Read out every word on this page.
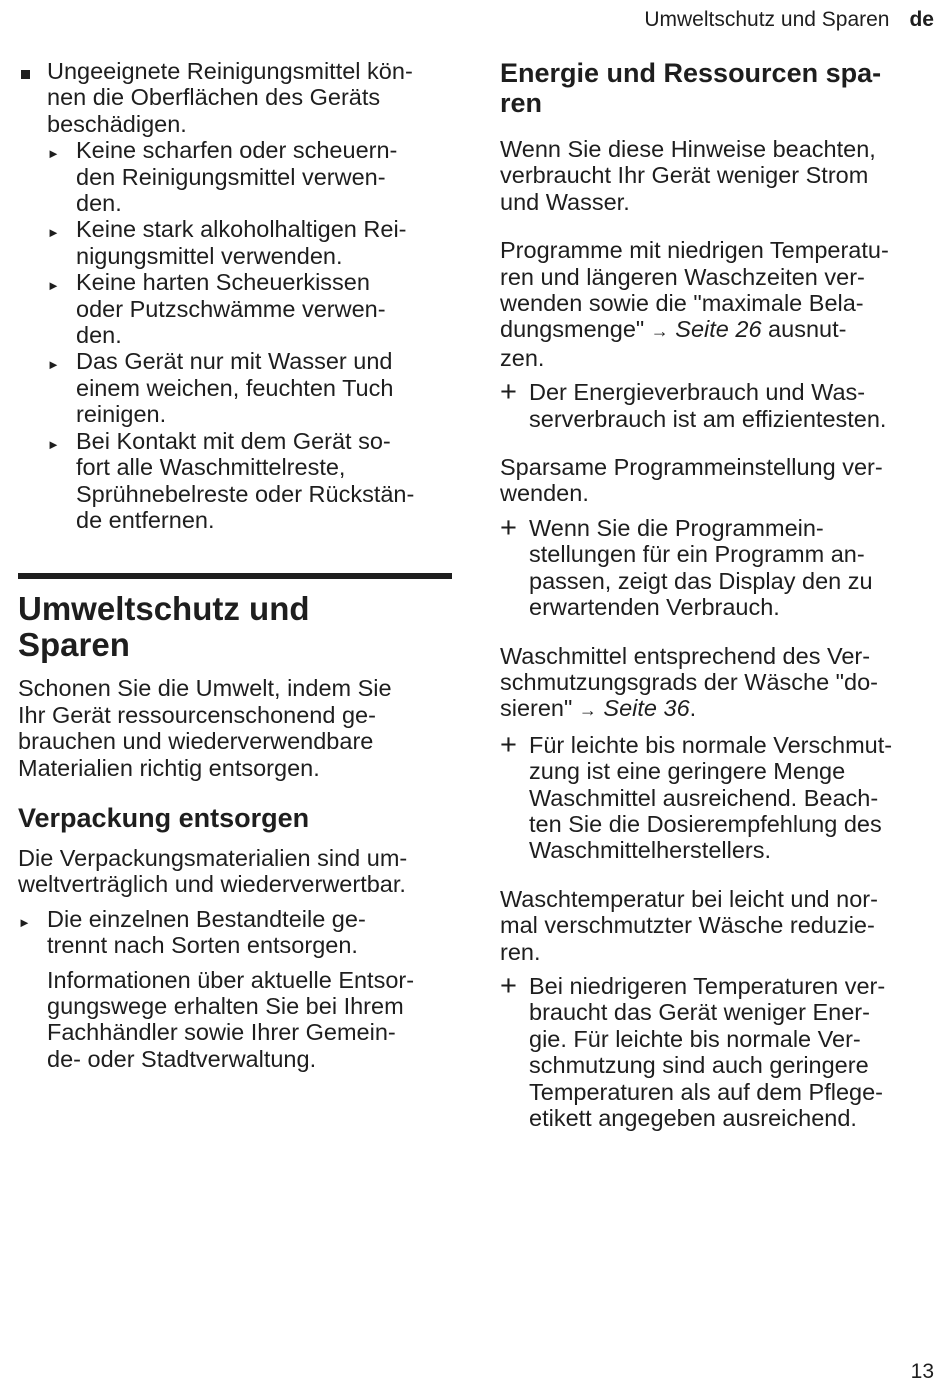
Umweltschutz und Sparen de
Ungeeignete Reinigungsmittel kön-
nen die Oberflächen des Geräts
beschädigen.
► Keine scharfen oder scheuern-
den Reinigungsmittel verwen-
den.
► Keine stark alkoholhaltigen Rei-
nigungsmittel verwenden.
► Keine harten Scheuerkissen
oder Putzschwämme verwen-
den.
► Das Gerät nur mit Wasser und
einem weichen, feuchten Tuch
reinigen.
► Bei Kontakt mit dem Gerät so-
fort alle Waschmittelreste,
Sprühnebelreste oder Rückstän-
de entfernen.
Umweltschutz und
Sparen

Schonen Sie die Umwelt, indem Sie
Ihr Gerät ressourcenschonend ge-
brauchen und wiederverwendbare
Materialien richtig entsorgen.

Verpackung entsorgen

Die Verpackungsmaterialien sind um-
weltverträglich und wiederverwertbar.

► Die einzelnen Bestandteile ge-
trennt nach Sorten entsorgen.
Informationen über aktuelle Entsor-
gungswege erhalten Sie bei Ihrem
Fachhändler sowie Ihrer Gemein-
de- oder Stadtverwaltung.
Energie und Ressourcen spa-
ren

Wenn Sie diese Hinweise beachten,
verbraucht Ihr Gerät weniger Strom
und Wasser.

Programme mit niedrigen Temperatu-
ren und längeren Waschzeiten ver-
wenden sowie die "maximale Bela-
dungsmenge" → Seite 26 ausnut-
zen.

+ Der Energieverbrauch und Was-
serverbrauch ist am effizientesten.

Sparsame Programmeinstellung ver-
wenden.

+ Wenn Sie die Programmein-
stellungen für ein Programm an-
passen, zeigt das Display den zu
erwartenden Verbrauch.

Waschmittel entsprechend des Ver-
schmutzungsgrads der Wäsche "do-
sieren" → Seite 36.

+ Für leichte bis normale Verschmut-
zung ist eine geringere Menge
Waschmittel ausreichend. Beach-
ten Sie die Dosierempfehlung des
Waschmittelherstellers.

Waschtemperatur bei leicht und nor-
mal verschmutzter Wäsche reduzie-
ren.

+ Bei niedrigeren Temperaturen ver-
braucht das Gerät weniger Ener-
gie. Für leichte bis normale Ver-
schmutzung sind auch geringere
Temperaturen als auf dem Pflege-
etikett angegeben ausreichend.
13
